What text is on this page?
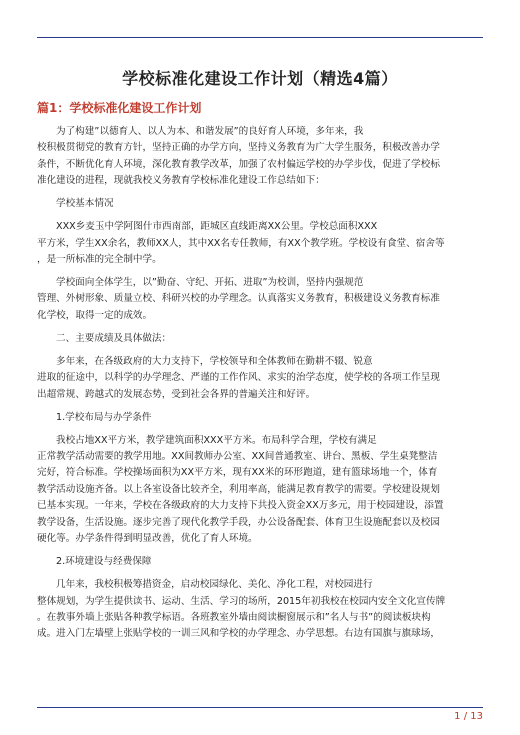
学校标准化建设工作计划（精选4篇）
篇1：学校标准化建设工作计划
为了构建”以德育人、以人为本、和谐发展”的良好育人环境，多年来，我
校积极贯彻党的教育方针，坚持正确的办学方向，坚持义务教育为广大学生服务，积极改善办学
条件，不断优化育人环境，深化教育教学改革，加强了农村偏远学校的办学步伐，促进了学校标
准化建设的进程，现就我校义务教育学校标准化建设工作总结如下：
学校基本情况
XXX乡麦玉中学阿图什市西南部，距城区直线距离XX公里。学校总面积XXX
平方米，学生XX余名，教师XX人，其中XX名专任教师，有XX个教学班。学校设有食堂、宿舍等
，是一所标准的完全制中学。
学校面向全体学生，以”勤奋、守纪、开拓、进取”为校训，坚持内强规范
管理、外树形象、质量立校、科研兴校的办学理念。认真落实义务教育，积极建设义务教育标准
化学校，取得一定的成效。
二、主要成绩及具体做法：
多年来，在各级政府的大力支持下，学校领导和全体教师在勤耕不辍、锐意
进取的征途中，以科学的办学理念、严谨的工作作风、求实的治学态度，使学校的各项工作呈现
出超常规、跨越式的发展态势，受到社会各界的普遍关注和好评。
1.学校布局与办学条件
我校占地XX平方米，教学建筑面积XXX平方米。布局科学合理，学校有满足
正常教学活动需要的教学用地。XX间教师办公室、XX间普通教室、讲台、黑板、学生桌凳整洁
完好，符合标准。学校操场面积为XX平方米，现有XX米的环形跑道，建有篮球场地一个，体育
教学活动设施齐备。以上各室设备比较齐全，利用率高，能满足教育教学的需要。学校建设规划
已基本实现。一年来，学校在各级政府的大力支持下共投入资金XX万多元，用于校园建设，添置
教学设备，生活设施。逐步完善了现代化教学手段，办公设备配套、体育卫生设施配套以及校园
硬化等。办学条件得到明显改善，优化了育人环境。
2.环境建设与经费保障
几年来，我校积极筹措资金，启动校园绿化、美化、净化工程，对校园进行
整体规划，为学生提供读书、运动、生活、学习的场所，2015年初我校在校园内安全文化宣传牌
。在教事外墙上张贴各种教学标语。各班教室外墙由阅读橱窗展示和”名人与书”的阅读板块构
成。进入门左墙壁上张贴学校的一训三风和学校的办学理念、办学思想。右边有国旗与旗球场，
1 / 13
